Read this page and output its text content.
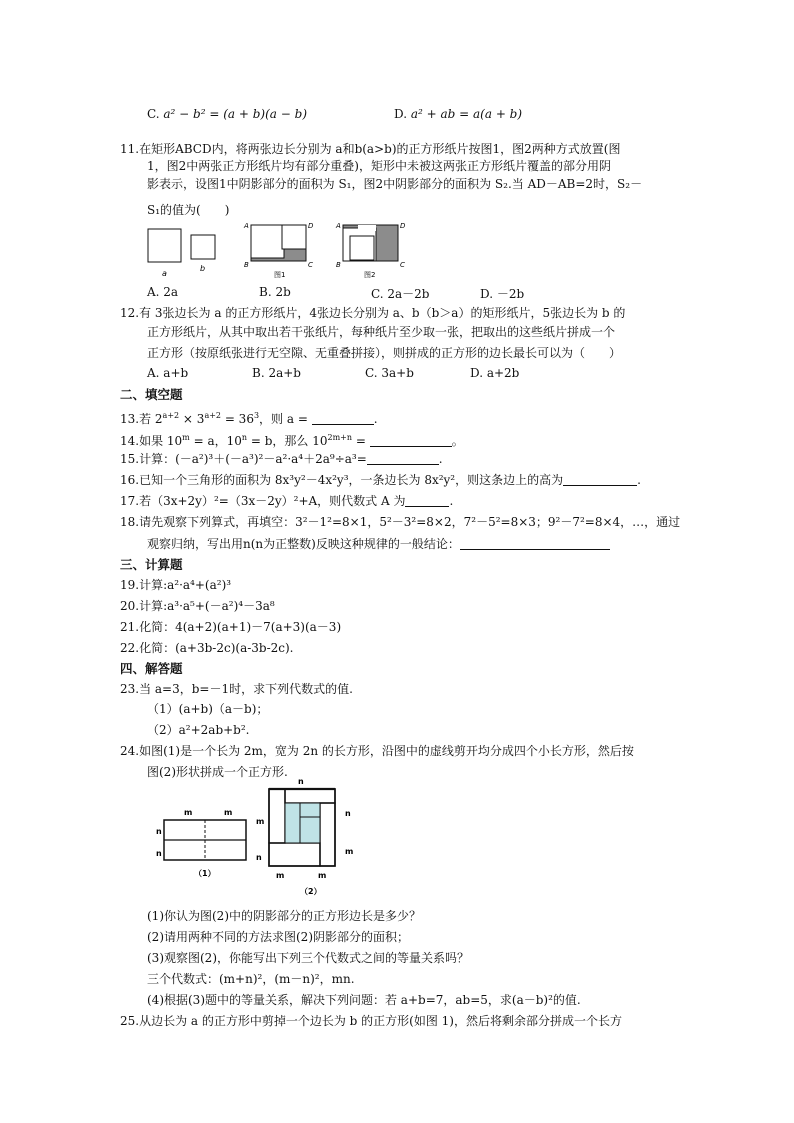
C. a² − b² = (a + b)(a − b)	D. a² + ab = a(a + b)
11.在矩形ABCD内，将两张边长分别为 a和b(a>b)的正方形纸片按图1，图2两种方式放置(图
1，图2中两张正方形纸片均有部分重叠)，矩形中未被这两张正方形纸片覆盖的部分用阴
影表示，设图1中阴影部分的面积为 S₁，图2中阴影部分的面积为 S₂.当 AD－AB=2时，S₂－
S₁的值为(　　)
a
b
A	D
B	C
图1
A	D
B	C
图2
A. 2a	B. 2b	C. 2a－2b	D. －2b
12.有 3张边长为 a 的正方形纸片，4张边长分别为 a、b（b＞a）的矩形纸片，5张边长为 b 的
正方形纸片，从其中取出若干张纸片，每种纸片至少取一张，把取出的这些纸片拼成一个
正方形（按原纸张进行无空隙、无重叠拼接），则拼成的正方形的边长最长可以为（　　）
A. a+b	B. 2a+b	C. 3a+b	D. a+2b
二、填空题
13.若 $2^{a+2} \times 3^{a+2} = 36^3$，则 a =	.
14.如果 $10^m = a$，$10^n = b$，那么 $10^{2m+n}$ =	。
15.计算：(－a²)³＋(－a³)²－a²·a⁴＋2a⁹÷a³=	.
16.已知一个三角形的面积为 8x³y²－4x²y³，一条边长为 8x²y²，则这条边上的高为	.
17.若（3x+2y）²=（3x－2y）²+A，则代数式 A 为	.
18.请先观察下列算式，再填空：3²－1²=8×1，5²－3²=8×2，7²－5²=8×3；9²－7²=8×4，…，通过
观察归纳，写出用n(n为正整数)反映这种规律的一般结论：
三、计算题
19.计算:a²·a⁴+(a²)³
20.计算:a³·a⁵+(－a²)⁴－3a⁸
21.化简：4(a+2)(a+1)－7(a+3)(a－3)
22.化简：(a+3b-2c)(a-3b-2c).
四、解答题
23.当 a=3，b=－1时，求下列代数式的值.
（1）(a+b)（a－b)；
（2）a²+2ab+b².
24.如图(1)是一个长为 2m，宽为 2n 的长方形，沿图中的虚线剪开均分成四个小长方形，然后按
图(2)形状拼成一个正方形.
m	m
n
n
（1）
n
m
n
n
m
m	m
（2）
(1)你认为图(2)中的阴影部分的正方形边长是多少？
(2)请用两种不同的方法求图(2)阴影部分的面积；
(3)观察图(2)，你能写出下列三个代数式之间的等量关系吗？
三个代数式：(m+n)²，(m－n)²，mn.
(4)根据(3)题中的等量关系，解决下列问题：若 a+b=7，ab=5，求(a－b)²的值.
25.从边长为 a 的正方形中剪掉一个边长为 b 的正方形(如图 1)，然后将剩余部分拼成一个长方
